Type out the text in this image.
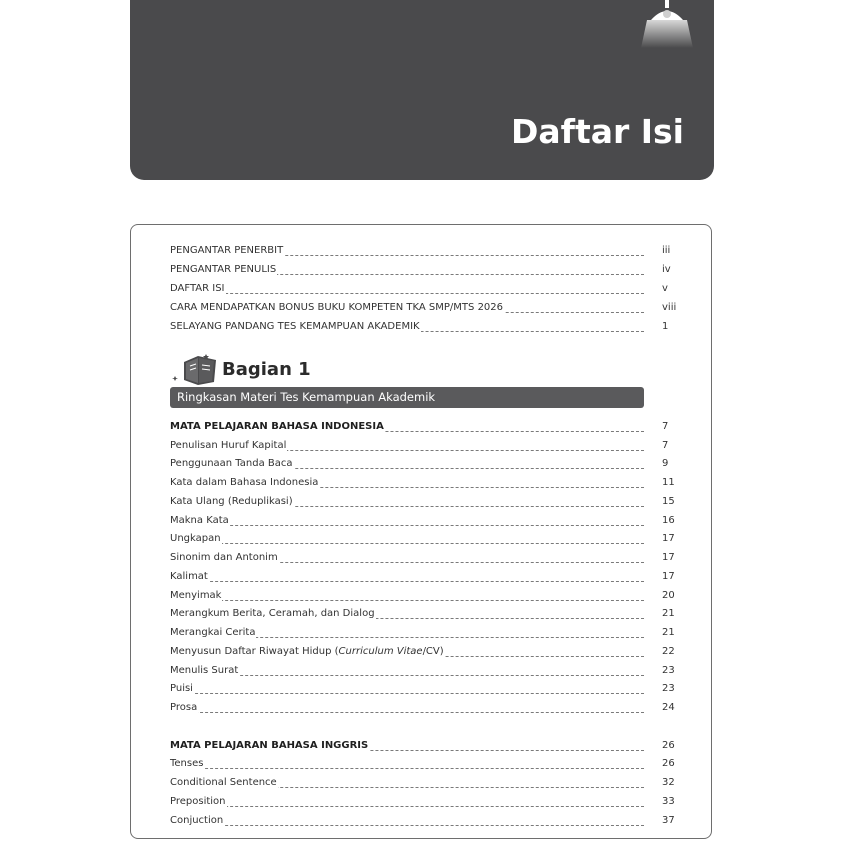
Daftar Isi
PENGANTAR PENERBIT	iii
PENGANTAR PENULIS	iv
DAFTAR ISI	v
CARA MENDAPATKAN BONUS BUKU KOMPETEN TKA SMP/MTS 2026	viii
SELAYANG PANDANG TES KEMAMPUAN AKADEMIK	1
Bagian 1
Ringkasan Materi Tes Kemampuan Akademik
MATA PELAJARAN BAHASA INDONESIA	7
Penulisan Huruf Kapital	7
Penggunaan Tanda Baca	9
Kata dalam Bahasa Indonesia	11
Kata Ulang (Reduplikasi)	15
Makna Kata	16
Ungkapan	17
Sinonim dan Antonim	17
Kalimat	17
Menyimak	20
Merangkum Berita, Ceramah, dan Dialog	21
Merangkai Cerita	21
Menyusun Daftar Riwayat Hidup (Curriculum Vitae/CV)	22
Menulis Surat	23
Puisi	23
Prosa	24
MATA PELAJARAN BAHASA INGGRIS	26
Tenses	26
Conditional Sentence	32
Preposition	33
Conjuction	37
